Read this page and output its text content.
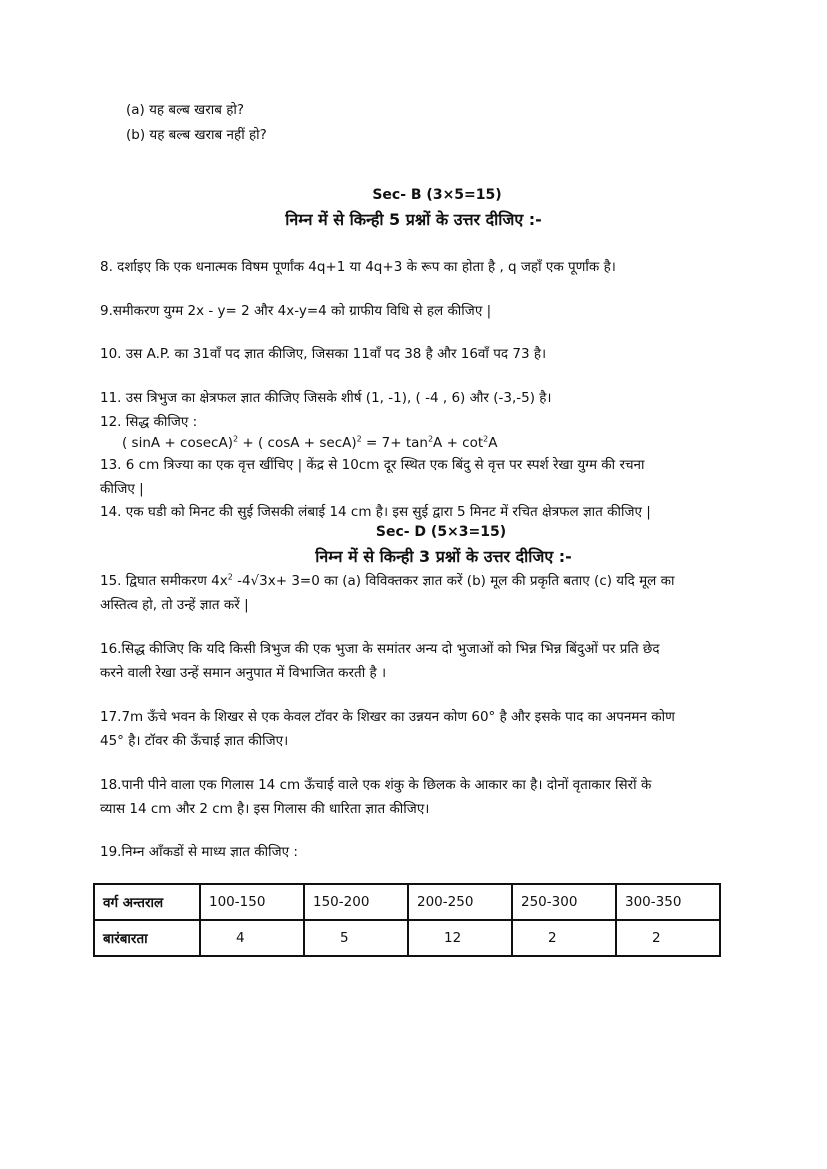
(a) यह बल्ब खराब हो?
(b) यह बल्ब खराब नहीं हो?
Sec- B (3×5=15)
निम्न में से किन्ही 5 प्रश्नों के उत्तर दीजिए :-
8. दर्शाइए कि एक धनात्मक विषम पूर्णांक 4q+1 या 4q+3 के रूप का होता है , q जहाँ एक पूर्णांक है।
9.समीकरण युग्म 2x - y= 2 और 4x-y=4 को ग्राफीय विधि से हल कीजिए |
10. उस A.P. का 31वाँ पद ज्ञात कीजिए, जिसका 11वाँ पद 38 है और 16वाँ पद 73 है।
11. उस त्रिभुज का क्षेत्रफल ज्ञात कीजिए जिसके शीर्ष (1, -1), ( -4 , 6) और (-3,-5) है।
12. सिद्ध कीजिए :
( sinA + cosecA)$^2$ + ( $\cos A + \sec A)^2 = 7+ \tan^2A + \cot^2A$
13. 6 cm त्रिज्या का एक वृत्त खींचिए | केंद्र से 10cm दूर स्थित एक बिंदु से वृत्त पर स्पर्श रेखा युग्म की रचना
कीजिए |
14. एक घडी को मिनट की सुई जिसकी लंबाई 14 cm है। इस सुई द्वारा 5 मिनट में रचित क्षेत्रफल ज्ञात कीजिए |
Sec- D (5×3=15)
निम्न में से किन्ही 3 प्रश्नों के उत्तर दीजिए :-
15. द्विघात समीकरण $4x^2$ -4√3x+ 3=0 का (a) विविक्तकर ज्ञात करें (b) मूल की प्रकृति बताए (c) यदि मूल का
अस्तित्व हो, तो उन्हें ज्ञात करें |
16.सिद्ध कीजिए कि यदि किसी त्रिभुज की एक भुजा के समांतर अन्य दो भुजाओं को भिन्न भिन्न बिंदुओं पर प्रति छेद
करने वाली रेखा उन्हें समान अनुपात में विभाजित करती है ।
17.7m ऊँचे भवन के शिखर से एक केवल टॉवर के शिखर का उन्नयन कोण 60° है और इसके पाद का अपनमन कोण
45° है। टॉवर की ऊँचाई ज्ञात कीजिए।
18.पानी पीने वाला एक गिलास 14 cm ऊँचाई वाले एक शंकु के छिलक के आकार का है। दोनों वृताकार सिरों के
व्यास 14 cm और 2 cm है। इस गिलास की धारिता ज्ञात कीजिए।
19.निम्न ऑंकडों से माध्य ज्ञात कीजिए :
वर्ग अन्तराल	100-150	150-200	200-250	250-300	300-350
बारंबारता	4	5	12	2	2
